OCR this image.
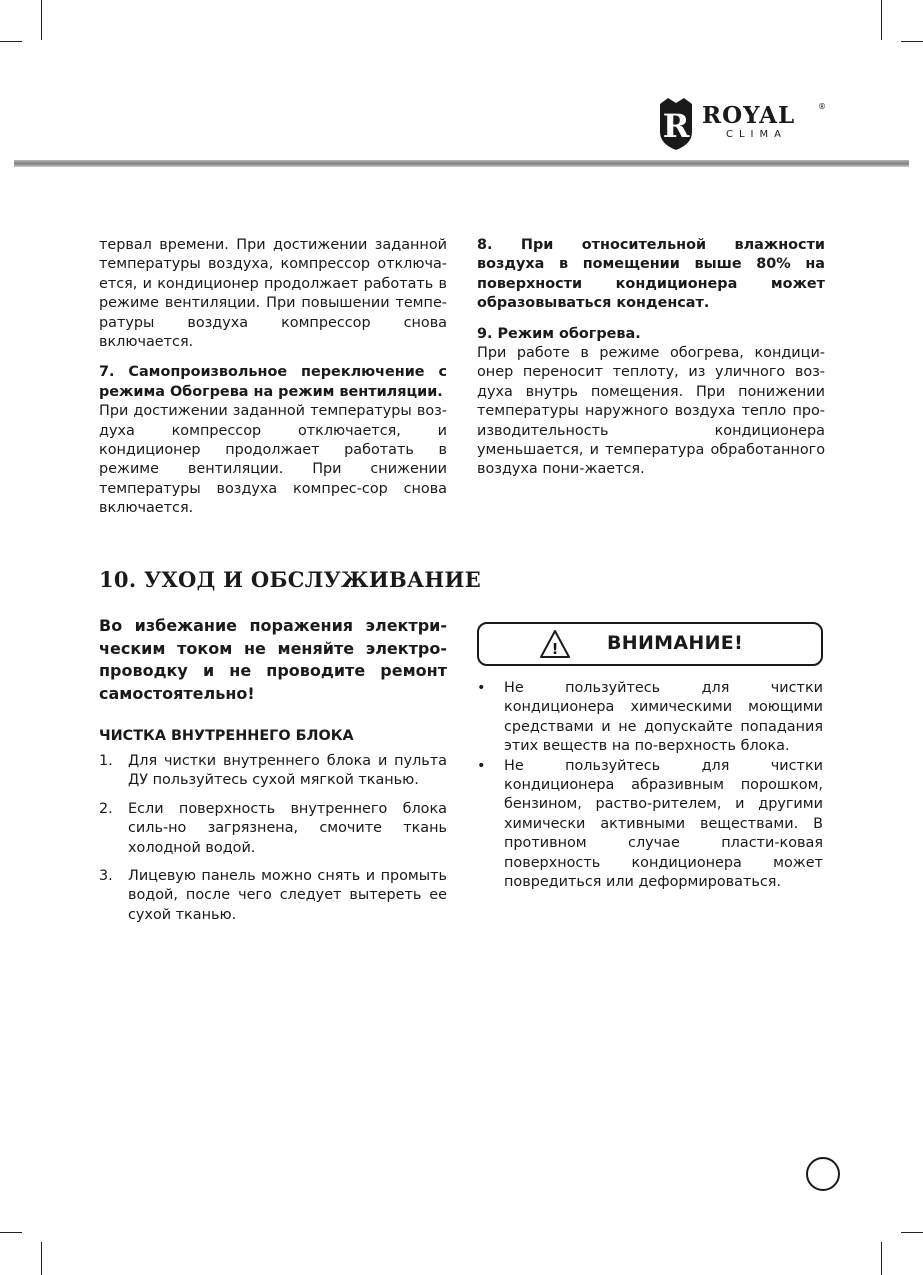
R ROYAL	®
CLIMA

тервал времени. При достижении заданной температуры воздуха, компрессор отключа-ется, и кондиционер продолжает работать в режиме вентиляции. При повышении темпе-ратуры воздуха компрессор снова включается.

7. Самопроизвольное переключение с режима Обогрева на режим вентиляции.

При достижении заданной температуры воз-духа компрессор отключается, и кондиционер продолжает работать в режиме вентиляции. При снижении температуры воздуха компрес-сор снова включается.

8. При относительной влажности воздуха в помещении выше 80% на поверхности кондиционера может образовываться конденсат.

9. Режим обогрева.

При работе в режиме обогрева, кондици-онер переносит теплоту, из уличного воз-духа внутрь помещения. При понижении температуры наружного воздуха тепло про-изводительность кондиционера уменьшается, и температура обработанного воздуха пони-жается.

10. УХОД И ОБСЛУЖИВАНИЕ
Во избежание поражения электри-ческим током не меняйте электро-проводку и не проводите ремонт самостоятельно!
ЧИСТКА ВНУТРЕННЕГО БЛОКА
1. Для чистки внутреннего блока и пульта ДУ пользуйтесь сухой мягкой тканью.
2. Если поверхность внутреннего блока силь-но загрязнена, смочите ткань холодной водой.
3. Лицевую панель можно снять и промыть водой, после чего следует вытереть ее сухой тканью.
!	ВНИМАНИЕ!
• Не пользуйтесь для чистки кондиционера химическими моющими средствами и не допускайте попадания этих веществ на по-верхность блока.
• Не пользуйтесь для чистки кондиционера абразивным порошком, бензином, раство-рителем, и другими химически активными веществами. В противном случае пласти-ковая поверхность кондиционера может повредиться или деформироваться.
